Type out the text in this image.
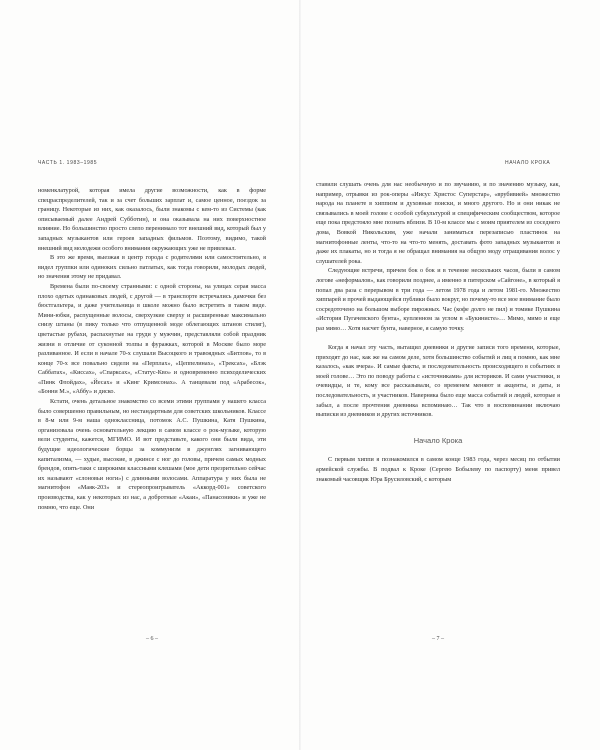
ЧАСТЬ 1. 1983–1985	НАЧАЛО КРОКА

номенклатурой, которая имела другие возможности, как в форме спецраспределителей, так и за счет больших зарплат и, самое ценное, поездок за границу. Некоторые из них, как оказалось, были знакомы с кем-то из Системы (как описываемый далее Андрей Субботин), и она оказывала на них поверхностное влияние. Но большинство просто слепо перенимало тот внешний вид, который был у западных музыкантов или героев западных фильмов. Поэтому, видимо, такой внешний вид молодежи особого внимания окружающих уже не привлекал.

В это же время, выезжая в центр города с родителями или самостоятельно, я видел группки или одиноких сильно патлатых, как тогда говорили, молодых людей, но значения этому не придавал.

Времена были по-своему странными: с одной стороны, на улицах серая масса плохо одетых одинаковых людей, с другой — в транспорте встречались дамочки без бюстгальтера, и даже учительница в школе можно было встретить в таком виде. Мини-юбки, распущенные волосы, сверхузкие сверху и расширенные максимально снизу штаны (в пику только что отпущенной моде облегающих штанов стиляг), цветастые рубахи, распахнутые на груди у мужчин, представляли собой праздник жизни в отличие от суконной толпы в фуражках, которой в Москве было море разливанное. И если в начале 70-х слушали Высоцкого и травоядных «Битлов», то в конце 70-х все повально сидели на «Перплах», «Цеппелинах», «Трексах», «Блэк Саббатах», «Киссах», «Спарксах», «Статус-Кво» и одновременно психоделических «Пинк Флойдах», «Йесах» и «Кинг Кримсонах». А танцевали под «Арабесок», «Бонни М.», «Аббу» и диско.

Кстати, очень детальное знакомство со всеми этими группами у нашего класса было совершенно правильным, но нестандартным для советских школьников. Классе в 8-м или 9-м наша одноклассница, потомок А.С. Пушкина, Катя Пушкина, организовала очень основательную лекцию в самом классе о рок-музыке, которую вели студенты, кажется, МГИМО. И вот представьте, какого они были вида, эти будущие идеологические борцы за коммунизм в джунглях загнивающего капитализма, — худые, высокие, в джинсе с ног до головы, причем самых модных брендов, опять-таки с широкими классными клешами (мое дети презрительно сейчас их называют «слоновьи ноги») с длинными волосами. Аппаратура у них была не магнитофон «Маяк-203» и стереопроигрыватель «Аккорд-001» советского производства, как у некоторых из нас, а добротные «Акаи», «Панасоники» и уже не помню, что еще. Они

ставили слушать очень для нас необычную и по звучанию, и по значению музыку, как, например, отрывки из рок-оперы «Иисус Христос Суперстар», «врубивией» множество народа на планете в хиппизм и духовные поиски, и много другого. Но и они никак не связывались в моей голове с особой субкультурой и специфическим сообществом, которое еще пока предстояло мне познать вблизи. В 10-м классе мы с моим приятелем из соседнего дома, Вовкой Никольским, уже начали заниматься перезаписью пластинок на магнитофонные ленты, что-то на что-то менять, доставать фото западных музыкантов и даже их плакаты, но и тогда я не обращал внимания на общую моду отращивания волос у слушателей рока.

Следующие встречи, причем бок о бок и в течение нескольких часов, были в самом логове «неформалов», как говорили позднее, а именно в питерском «Сайгоне», в который я попал два раза с перерывом в три года — летом 1978 года и летом 1981-го. Множество хиппарей и прочей выдающейся публики было вокруг, но почему-то все мое внимание было сосредоточено на большом выборе пирожных. Час (кофе долго не пил) и томике Пушкина «История Пугачевского бунта», купленном за углом в «Букинисте»… Мимо, мимо и еще раз мимо… Хотя насчет бунта, наверное, я самую точку.

Когда я начал эту часть, вытащил дневники и другие записи того времени, которые, приходят до нас, как же на самом деле, хотя большинство событий и лиц я помню, как мне казалось, «как вчера». И самые факты, и последовательность происходящего в событиях в моей голове… Это по поводу работы с «источниками» для историков. И сами участники, и очевидцы, и те, кому все рассказывали, со временем меняют и акценты, и даты, и последовательность, и участников. Наверняка было еще масса событий и людей, которые я забыл, а после прочтения дневника вспоминаю… Так что в воспоминании включаю выписки из дневников и других источников.

Начало Крока

С первым хиппи я познакомился в самом конце 1983 года, через месяц по отбытии армейской службы. В подвал к Кроке (Сергею Бобылеву по паспорту) меня привел знакомый часовщик Юра Брусиловский, с которым

– 6 –	– 7 –
